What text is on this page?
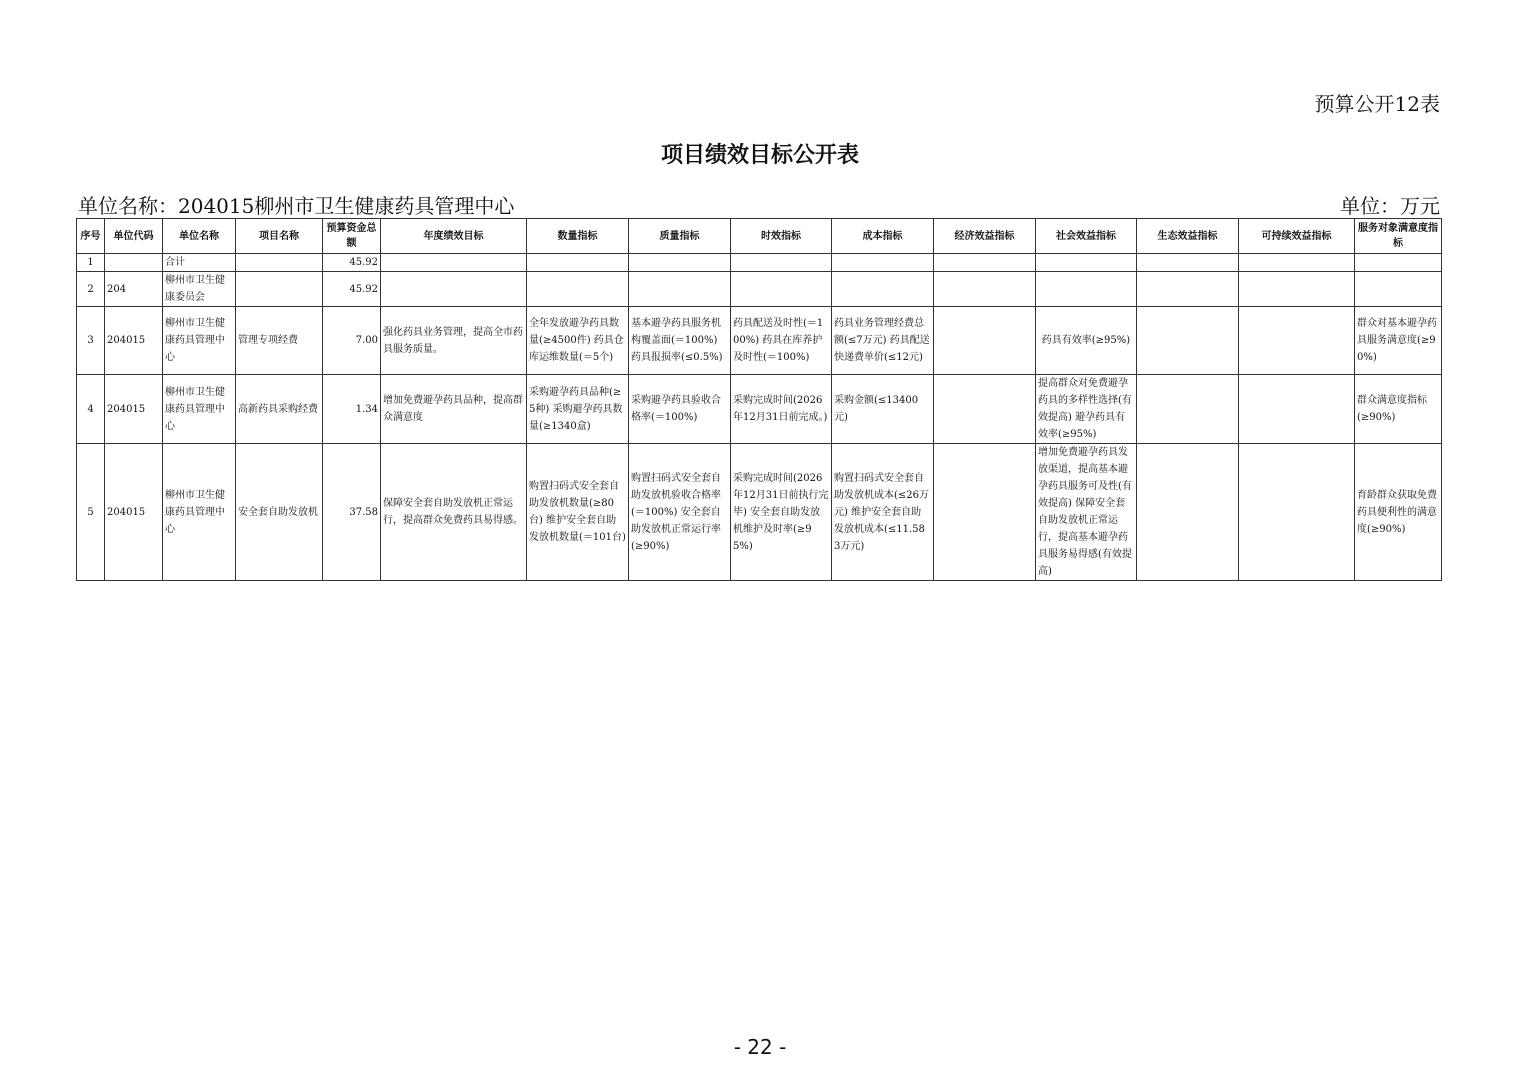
预算公开12表
项目绩效目标公开表
单位名称：204015柳州市卫生健康药具管理中心	单位：万元
序号	单位代码	单位名称	项目名称	预算资金总额	年度绩效目标	数量指标	质量指标	时效指标	成本指标	经济效益指标	社会效益指标	生态效益指标	可持续效益指标	服务对象满意度指标
1		合计		45.92										
2	204	柳州市卫生健康委员会		45.92										
3	204015	柳州市卫生健康药具管理中心	管理专项经费	7.00	强化药具业务管理，提高全市药具服务质量。	全年发放避孕药具数量(≥4500件) 药具仓库运维数量(＝5个)	基本避孕药具服务机构覆盖面(＝100%) 药具报损率(≤0.5%)	药具配送及时性(＝100%) 药具在库养护及时性(＝100%)	药具业务管理经费总额(≤7万元) 药具配送快递费单价(≤12元)		药具有效率(≥95%)			群众对基本避孕药具服务满意度(≥90%)
4	204015	柳州市卫生健康药具管理中心	高新药具采购经费	1.34	增加免费避孕药具品种，提高群众满意度	采购避孕药具品种(≥5种) 采购避孕药具数量(≥1340盒)	采购避孕药具验收合格率(＝100%)	采购完成时间(2026年12月31日前完成。)	采购金额(≤13400元)		提高群众对免费避孕药具的多样性选择(有效提高) 避孕药具有效率(≥95%)			群众满意度指标(≥90%)
5	204015	柳州市卫生健康药具管理中心	安全套自助发放机	37.58	保障安全套自助发放机正常运行，提高群众免费药具易得感。	购置扫码式安全套自助发放机数量(≥80台) 维护安全套自助发放机数量(＝101台)	购置扫码式安全套自助发放机验收合格率(＝100%) 安全套自助发放机正常运行率(≥90%)	采购完成时间(2026年12月31日前执行完毕) 安全套自助发放机维护及时率(≥95%)	购置扫码式安全套自助发放机成本(≤26万元) 维护安全套自助发放机成本(≤11.583万元)		增加免费避孕药具发放渠道，提高基本避孕药具服务可及性(有效提高) 保障安全套自助发放机正常运行，提高基本避孕药具服务易得感(有效提高)			育龄群众获取免费药具便利性的满意度(≥90%)
- 22 -
